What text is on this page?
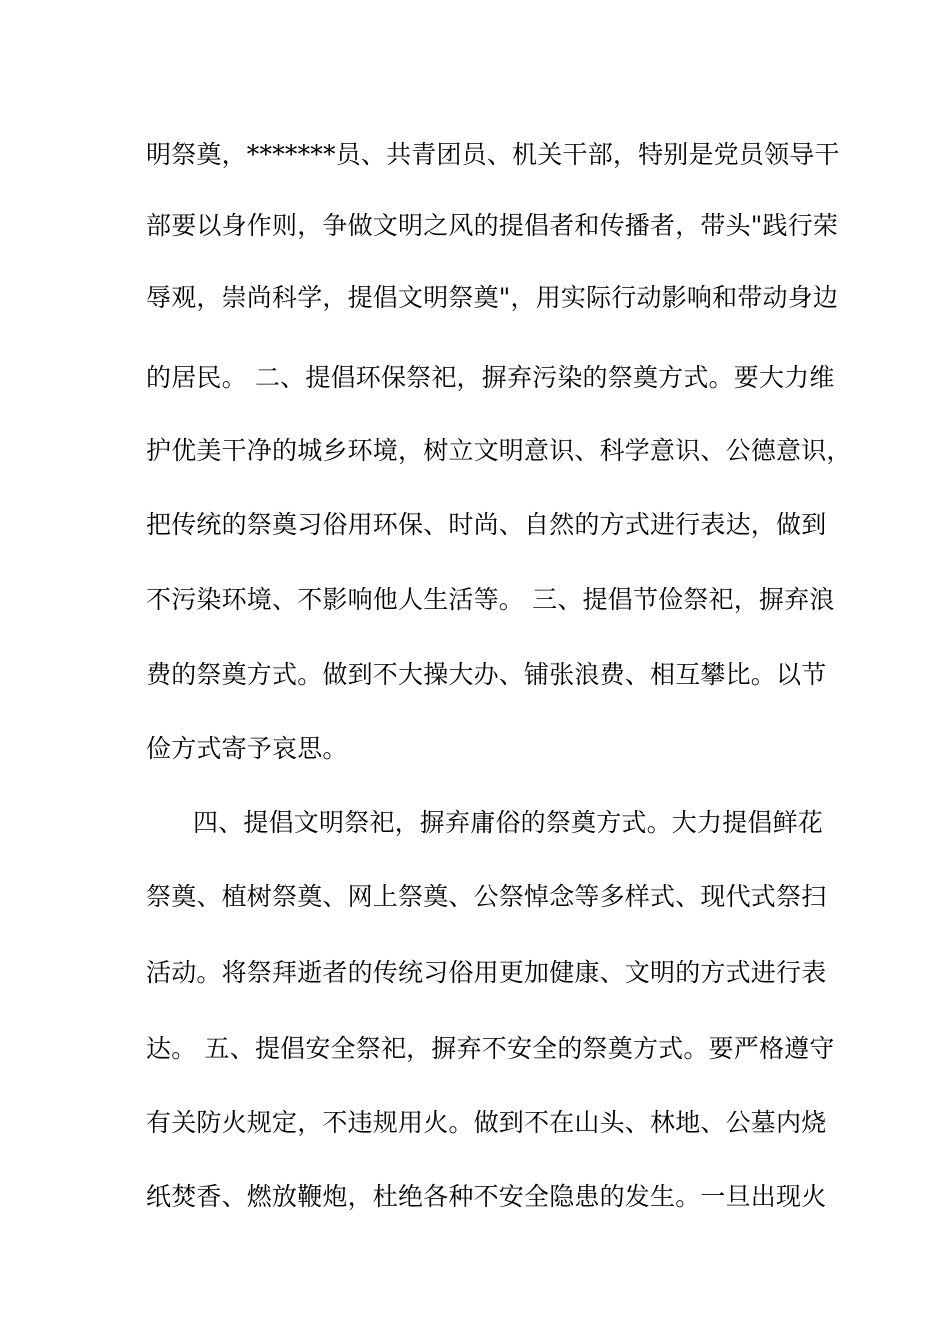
明祭奠，*******员、共青团员、机关干部，特别是党员领导干
部要以身作则，争做文明之风的提倡者和传播者，带头"践行荣
辱观，崇尚科学，提倡文明祭奠"，用实际行动影响和带动身边
的居民。 二、提倡环保祭祀，摒弃污染的祭奠方式。要大力维
护优美干净的城乡环境，树立文明意识、科学意识、公德意识，
把传统的祭奠习俗用环保、时尚、自然的方式进行表达，做到
不污染环境、不影响他人生活等。 三、提倡节俭祭祀，摒弃浪
费的祭奠方式。做到不大操大办、铺张浪费、相互攀比。以节
俭方式寄予哀思。
四、提倡文明祭祀，摒弃庸俗的祭奠方式。大力提倡鲜花
祭奠、植树祭奠、网上祭奠、公祭悼念等多样式、现代式祭扫
活动。将祭拜逝者的传统习俗用更加健康、文明的方式进行表
达。 五、提倡安全祭祀，摒弃不安全的祭奠方式。要严格遵守
有关防火规定，不违规用火。做到不在山头、林地、公墓内烧
纸焚香、燃放鞭炮，杜绝各种不安全隐患的发生。一旦出现火
